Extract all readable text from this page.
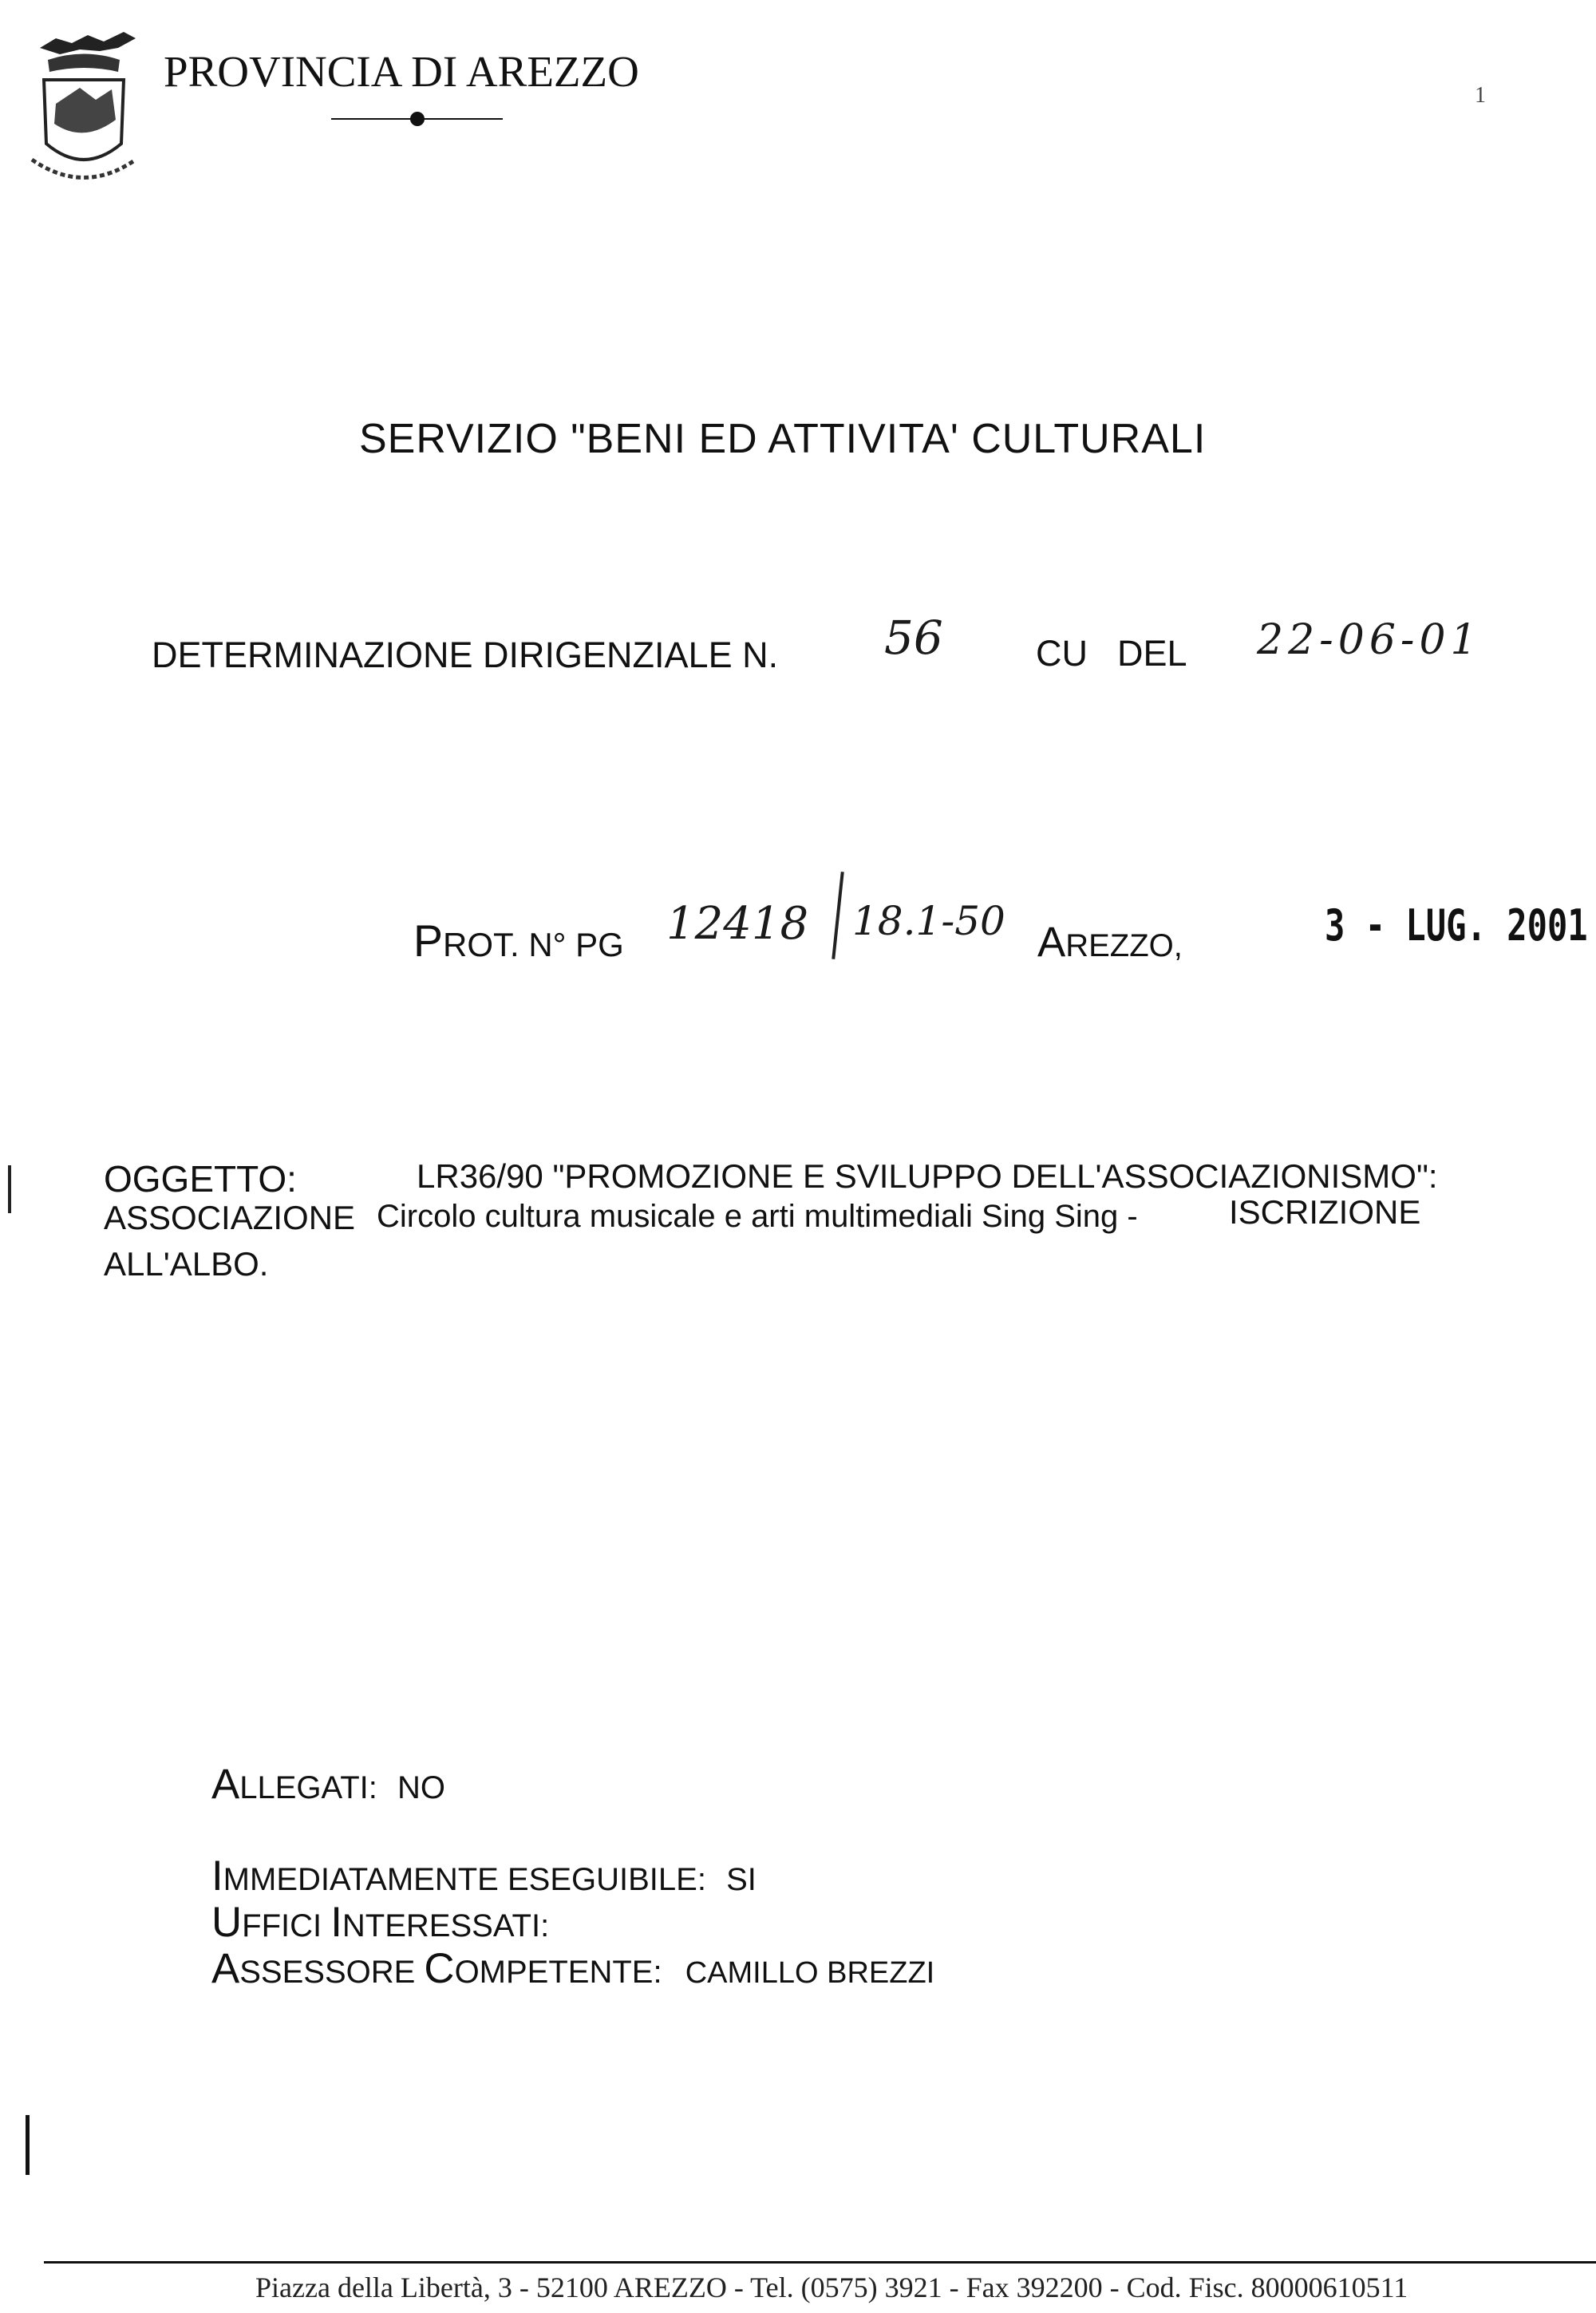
PROVINCIA DI AREZZO	1
SERVIZIO "BENI ED ATTIVITA' CULTURALI
DETERMINAZIONE DIRIGENZIALE N. 56	CU DEL 22-06-01
PROT. N° PG 12418 18.1-50 AREZZO,	3 - LUG. 2001
OGGETTO:	LR36/90 "PROMOZIONE E SVILUPPO DELL'ASSOCIAZIONISMO":
ASSOCIAZIONE Circolo cultura musicale e arti multimediali Sing Sing -	ISCRIZIONE
ALL'ALBO.
ALLEGATI: NO
IMMEDIATAMENTE ESEGUIBILE: SI
UFFICI INTERESSATI:
ASSESSORE COMPETENTE: CAMILLO BREZZI
Piazza della Libertà, 3 - 52100 AREZZO - Tel. (0575) 3921 - Fax 392200 - Cod. Fisc. 80000610511
